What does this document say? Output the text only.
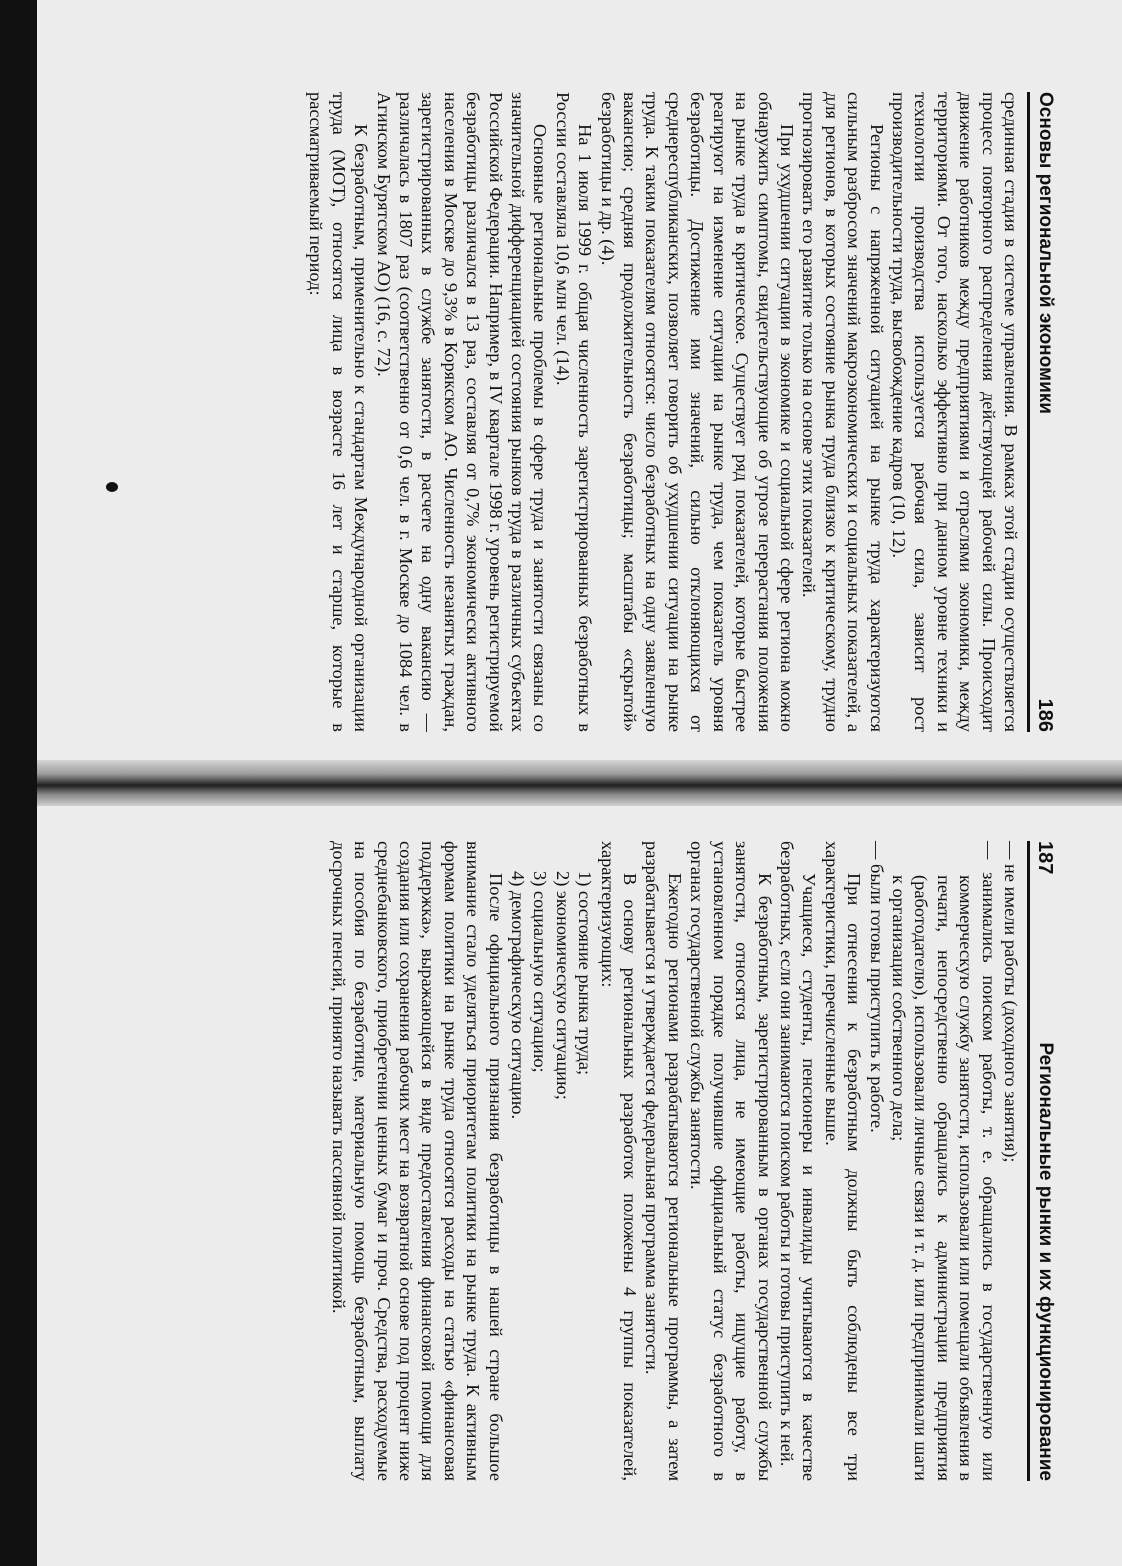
Основы региональной экономики
186

срединная стадия в системе управления. В рамках этой стадии осуществляется процесс повторного распределения действующей рабочей силы. Происходит движение работников между предприятиями и отраслями экономики, между территориями. От того, насколько эффективно при данном уровне техники и технологии производства используется рабочая сила, зависит рост производительности труда, высвобождение кадров (10, 12).

Регионы с напряженной ситуацией на рынке труда характеризуются сильным разбросом значений макроэкономических и социальных показателей, а для регионов, в которых состояние рынка труда близко к критическому, трудно прогнозировать его развитие только на основе этих показателей.

При ухудшении ситуации в экономике и социальной сфере региона можно обнаружить симптомы, свидетельствующие об угрозе перерастания положения на рынке труда в критическое. Существует ряд показателей, которые быстрее реагируют на изменение ситуации на рынке труда, чем показатель уровня безработицы. Достижение ими значений, сильно отклоняющихся от среднереспубликанских, позволяет говорить об ухудшении ситуации на рынке труда. К таким показателям относятся: число безработных на одну заявленную вакансию; средняя продолжительность безработицы; масштабы «скрытой» безработицы и др. (4).

На 1 июля 1999 г. общая численность зарегистрированных безработных в России составляла 10,6 млн чел. (14).

Основные региональные проблемы в сфере труда и занятости связаны со значительной дифференциацией состояния рынков труда в различных субъектах Российской Федерации. Например, в IV квартале 1998 г. уровень регистрируемой безработицы различался в 13 раз, составляя от 0,7% экономически активного населения в Москве до 9,3% в Корякском АО. Численность незанятых граждан, зарегистрированных в службе занятости, в расчете на одну вакансию — различалась в 1807 раз (соответственно от 0,6 чел. в г. Москве до 1084 чел. в Агинском Бурятском АО) (16, с. 72).

К безработным, применительно к стандартам Международной организации труда (МОТ), относятся лица в возрасте 16 лет и старше, которые в рассматриваемый период:

187
Региональные рынки и их функционирование

— не имели работы (доходного занятия);

— занимались поиском работы, т. е. обращались в государственную или коммерческую службу занятости, использовали или помещали объявления в печати, непосредственно обращались к администрации предприятия (работодателю), использовали личные связи и т. д. или предпринимали шаги к организации собственного дела;

— были готовы приступить к работе.

При отнесении к безработным должны быть соблюдены все три характеристики, перечисленные выше.

Учащиеся, студенты, пенсионеры и инвалиды учитываются в качестве безработных, если они занимаются поиском работы и готовы приступить к ней.

К безработным, зарегистрированным в органах государственной службы занятости, относятся лица, не имеющие работы, ищущие работу, в установленном порядке получившие официальный статус безработного в органах государственной службы занятости.

Ежегодно регионами разрабатываются региональные программы, а затем разрабатывается и утверждается федеральная программа занятости.

В основу региональных разработок положены 4 группы показателей, характеризующих:

1) состояние рынка труда;

2) экономическую ситуацию;

3) социальную ситуацию;

4) демографическую ситуацию.

После официального признания безработицы в нашей стране большое внимание стало уделяться приоритетам политики на рынке труда. К активным формам политики на рынке труда относятся расходы на статью «финансовая поддержка», выражающейся в виде предоставления финансовой помощи для создания или сохранения рабочих мест на возвратной основе под процент ниже среднебанковского, приобретении ценных бумаг и проч. Средства, расходуемые на пособия по безработице, материальную помощь безработным, выплату досрочных пенсий, принято называть пассивной политикой.
